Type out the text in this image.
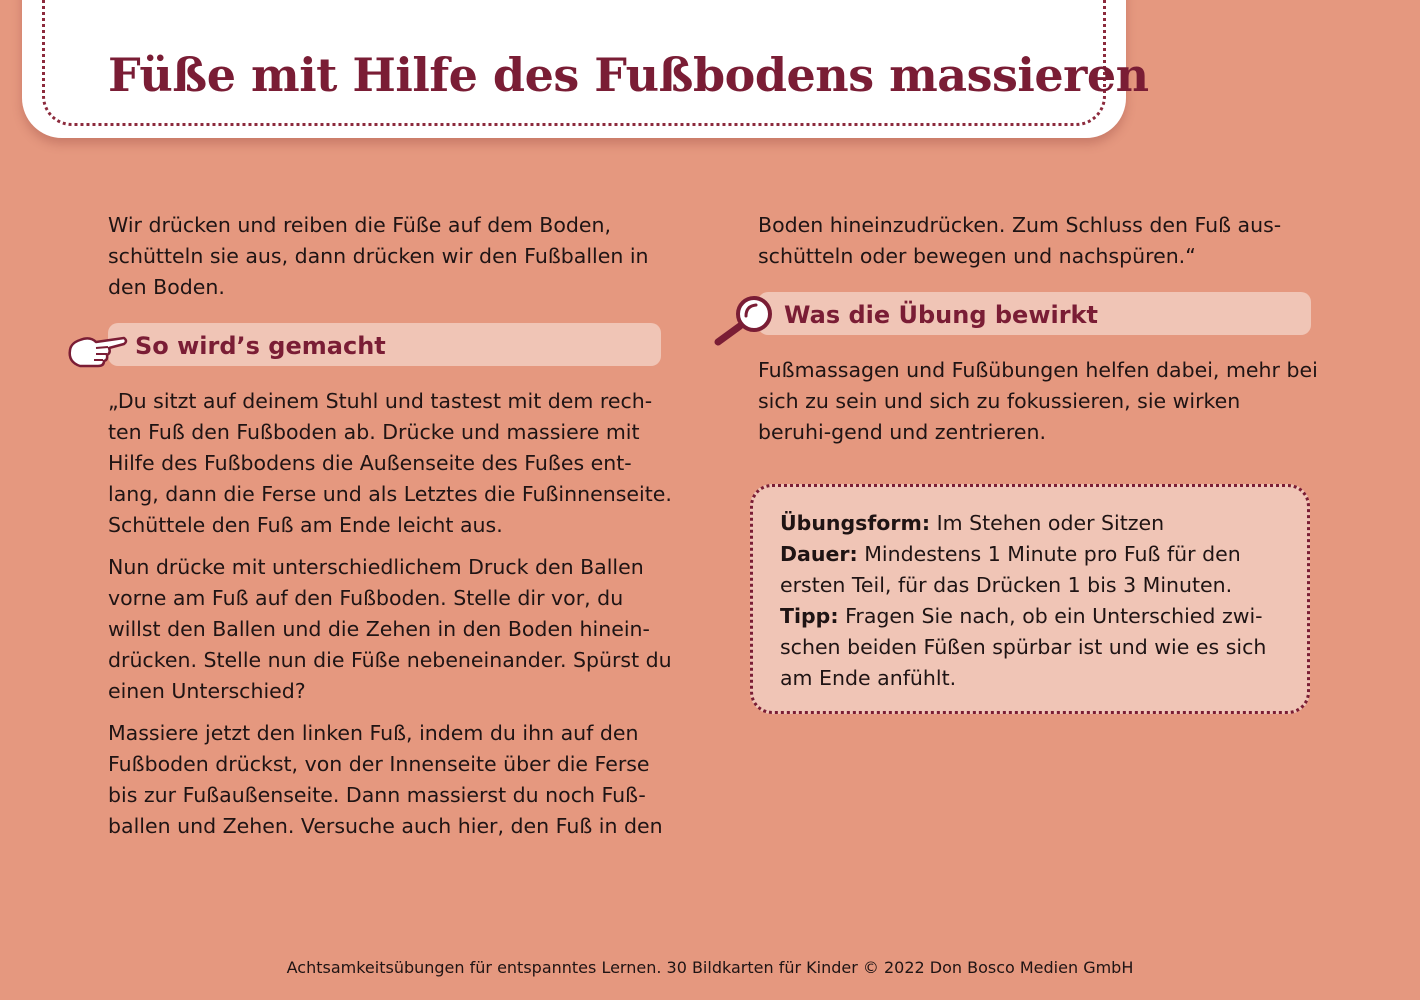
Füße mit Hilfe des Fußbodens massieren

Wir drücken und reiben die Füße auf dem Boden, schütteln sie aus, dann drücken wir den Fußballen in den Boden.

So wird’s gemacht

„Du sitzt auf deinem Stuhl und tastest mit dem rech-ten Fuß den Fußboden ab. Drücke und massiere mit Hilfe des Fußbodens die Außenseite des Fußes ent-lang, dann die Ferse und als Letztes die Fußinnenseite. Schüttele den Fuß am Ende leicht aus.

Nun drücke mit unterschiedlichem Druck den Ballen vorne am Fuß auf den Fußboden. Stelle dir vor, du willst den Ballen und die Zehen in den Boden hinein-drücken. Stelle nun die Füße nebeneinander. Spürst du einen Unterschied?

Massiere jetzt den linken Fuß, indem du ihn auf den Fußboden drückst, von der Innenseite über die Ferse bis zur Fußaußenseite. Dann massierst du noch Fuß-ballen und Zehen. Versuche auch hier, den Fuß in den

Boden hineinzudrücken. Zum Schluss den Fuß aus-schütteln oder bewegen und nachspüren.“

Was die Übung bewirkt

Fußmassagen und Fußübungen helfen dabei, mehr bei sich zu sein und sich zu fokussieren, sie wirken beruhi-gend und zentrieren.

Übungsform: Im Stehen oder Sitzen
Dauer: Mindestens 1 Minute pro Fuß für den ersten Teil, für das Drücken 1 bis 3 Minuten.
Tipp: Fragen Sie nach, ob ein Unterschied zwi-schen beiden Füßen spürbar ist und wie es sich am Ende anfühlt.
Achtsamkeitsübungen für entspanntes Lernen. 30 Bildkarten für Kinder © 2022 Don Bosco Medien GmbH
